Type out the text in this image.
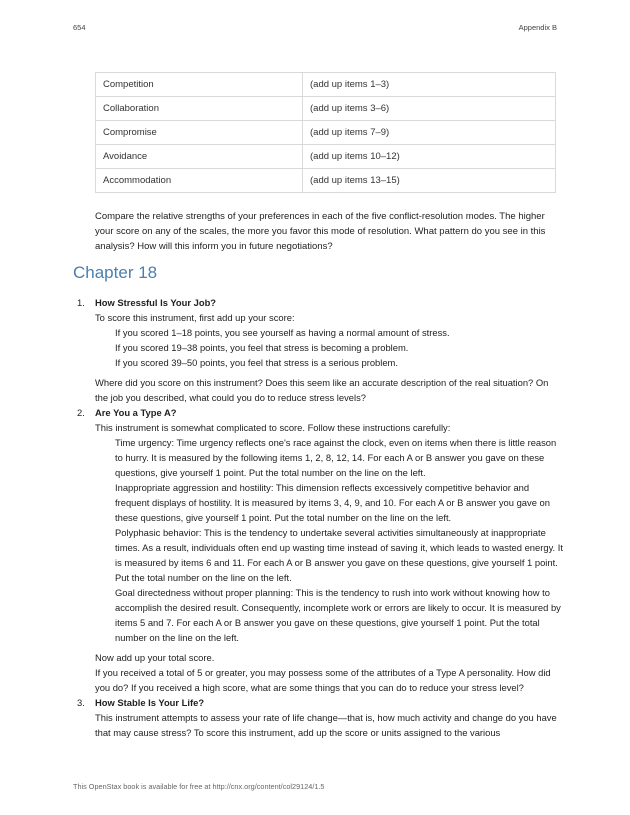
654	Appendix B
Competition	(add up items 1–3)
Collaboration	(add up items 3–6)
Compromise	(add up items 7–9)
Avoidance	(add up items 10–12)
Accommodation	(add up items 13–15)

Compare the relative strengths of your preferences in each of the five conflict-resolution modes. The higher your score on any of the scales, the more you favor this mode of resolution. What pattern do you see in this analysis? How will this inform you in future negotiations?

Chapter 18
1. How Stressful Is Your Job?

To score this instrument, first add up your score:

If you scored 1–18 points, you see yourself as having a normal amount of stress.

If you scored 19–38 points, you feel that stress is becoming a problem.

If you scored 39–50 points, you feel that stress is a serious problem.

Where did you score on this instrument? Does this seem like an accurate description of the real situation? On the job you described, what could you do to reduce stress levels?

2. Are You a Type A?

This instrument is somewhat complicated to score. Follow these instructions carefully:

Time urgency: Time urgency reflects one's race against the clock, even on items when there is little reason to hurry. It is measured by the following items 1, 2, 8, 12, 14. For each A or B answer you gave on these questions, give yourself 1 point. Put the total number on the line on the left.

Inappropriate aggression and hostility: This dimension reflects excessively competitive behavior and frequent displays of hostility. It is measured by items 3, 4, 9, and 10. For each A or B answer you gave on these questions, give yourself 1 point. Put the total number on the line on the left.

Polyphasic behavior: This is the tendency to undertake several activities simultaneously at inappropriate times. As a result, individuals often end up wasting time instead of saving it, which leads to wasted energy. It is measured by items 6 and 11. For each A or B answer you gave on these questions, give yourself 1 point. Put the total number on the line on the left.

Goal directedness without proper planning: This is the tendency to rush into work without knowing how to accomplish the desired result. Consequently, incomplete work or errors are likely to occur. It is measured by items 5 and 7. For each A or B answer you gave on these questions, give yourself 1 point. Put the total number on the line on the left.

Now add up your total score.

If you received a total of 5 or greater, you may possess some of the attributes of a Type A personality. How did you do? If you received a high score, what are some things that you can do to reduce your stress level?

3. How Stable Is Your Life?

This instrument attempts to assess your rate of life change—that is, how much activity and change do you have that may cause stress? To score this instrument, add up the score or units assigned to the various

This OpenStax book is available for free at http://cnx.org/content/col29124/1.5
